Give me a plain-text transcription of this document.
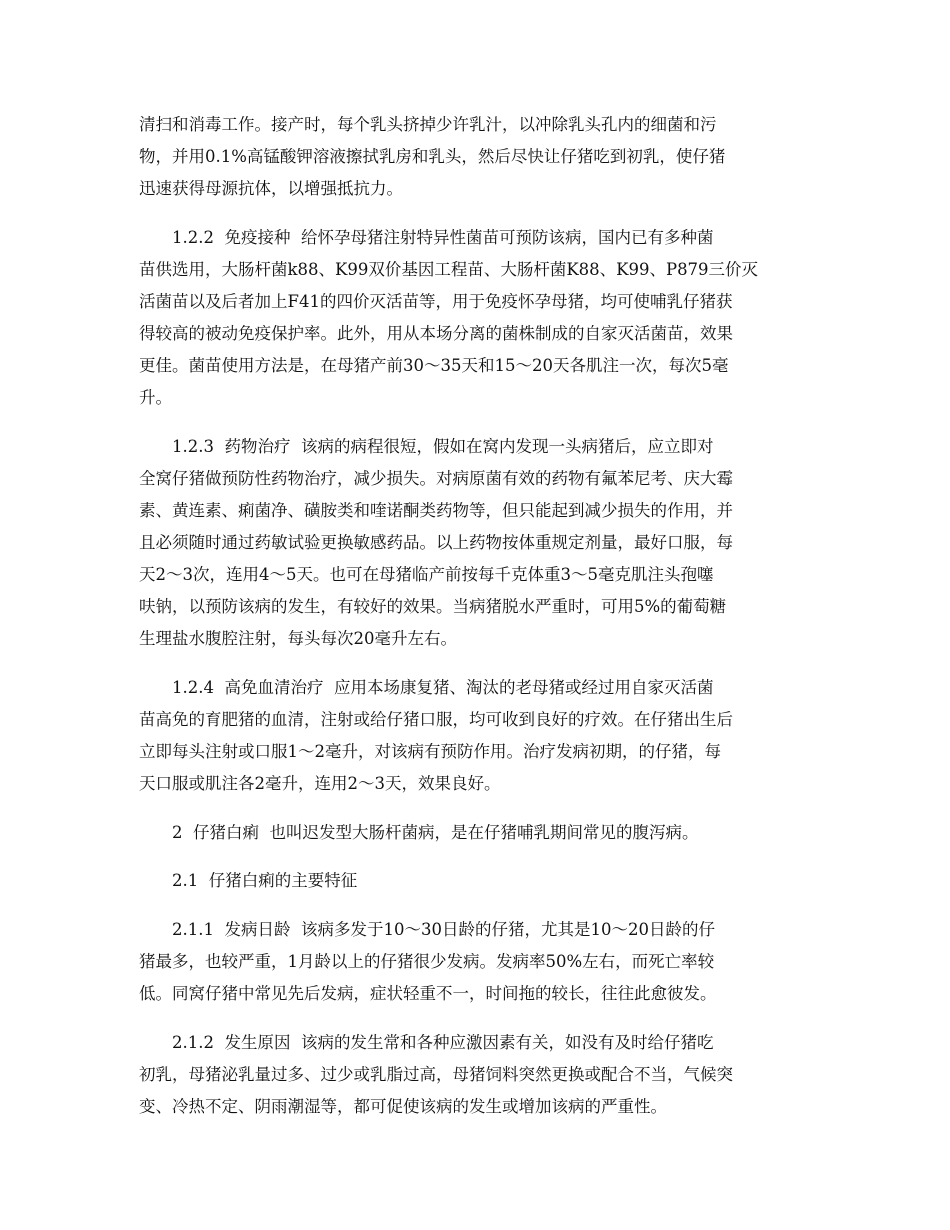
清扫和消毒工作。接产时，每个乳头挤掉少许乳汁，以冲除乳头孔内的细菌和污
物，并用0.1%高锰酸钾溶液擦拭乳房和乳头，然后尽快让仔猪吃到初乳，使仔猪
迅速获得母源抗体，以增强抵抗力。
1.2.2  免疫接种  给怀孕母猪注射特异性菌苗可预防该病，国内已有多种菌
苗供选用，大肠杆菌k88、K99双价基因工程苗、大肠杆菌K88、K99、P879三价灭
活菌苗以及后者加上F41的四价灭活苗等，用于免疫怀孕母猪，均可使哺乳仔猪获
得较高的被动免疫保护率。此外，用从本场分离的菌株制成的自家灭活菌苗，效果
更佳。菌苗使用方法是，在母猪产前30～35天和15～20天各肌注一次，每次5毫
升。
1.2.3  药物治疗  该病的病程很短，假如在窝内发现一头病猪后，应立即对
全窝仔猪做预防性药物治疗，减少损失。对病原菌有效的药物有氟苯尼考、庆大霉
素、黄连素、痢菌净、磺胺类和喹诺酮类药物等，但只能起到减少损失的作用，并
且必须随时通过药敏试验更换敏感药品。以上药物按体重规定剂量，最好口服，每
天2～3次，连用4～5天。也可在母猪临产前按每千克体重3～5毫克肌注头孢噻
呋钠，以预防该病的发生，有较好的效果。当病猪脱水严重时，可用5%的葡萄糖
生理盐水腹腔注射，每头每次20毫升左右。
1.2.4  高免血清治疗  应用本场康复猪、淘汰的老母猪或经过用自家灭活菌
苗高免的育肥猪的血清，注射或给仔猪口服，均可收到良好的疗效。在仔猪出生后
立即每头注射或口服1～2毫升，对该病有预防作用。治疗发病初期，的仔猪，每
天口服或肌注各2毫升，连用2～3天，效果良好。
2  仔猪白痢  也叫迟发型大肠杆菌病，是在仔猪哺乳期间常见的腹泻病。
2.1  仔猪白痢的主要特征
2.1.1  发病日龄  该病多发于10～30日龄的仔猪，尤其是10～20日龄的仔
猪最多，也较严重，1月龄以上的仔猪很少发病。发病率50%左右，而死亡率较
低。同窝仔猪中常见先后发病，症状轻重不一，时间拖的较长，往往此愈彼发。
2.1.2  发生原因  该病的发生常和各种应激因素有关，如没有及时给仔猪吃
初乳，母猪泌乳量过多、过少或乳脂过高，母猪饲料突然更换或配合不当，气候突
变、冷热不定、阴雨潮湿等，都可促使该病的发生或增加该病的严重性。
